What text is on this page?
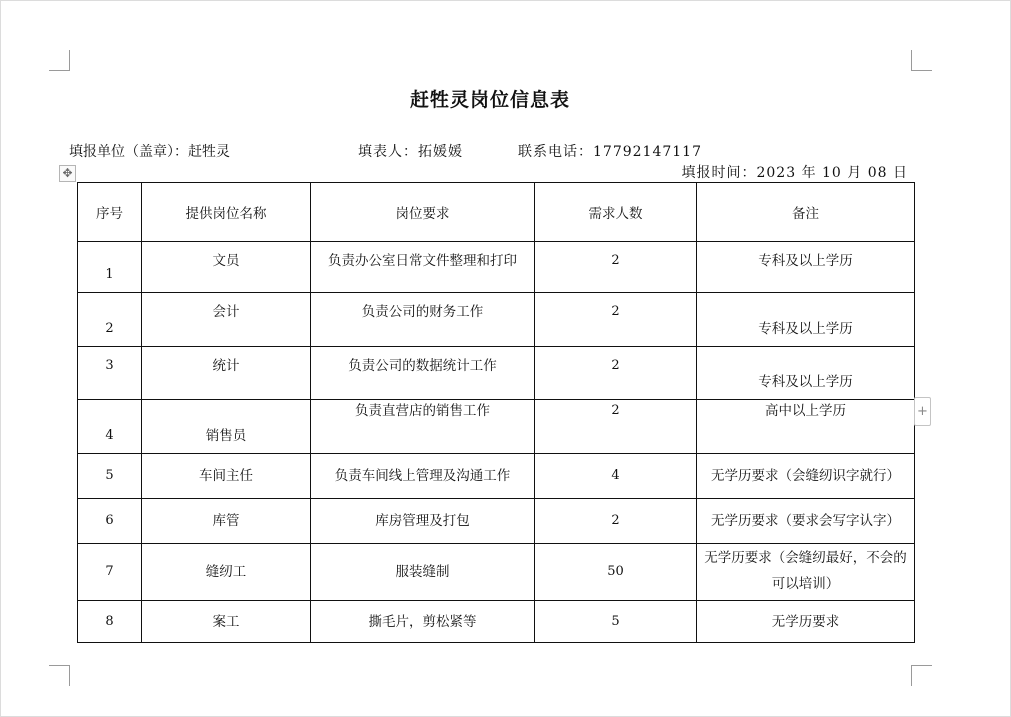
赶牲灵岗位信息表
填报单位（盖章）：赶牲灵	填表人：拓媛媛	联系电话：17792147117
填报时间：2023 年 10 月 08 日
✥
序号	提供岗位名称	岗位要求	需求人数	备注

1	文员	负责办公室日常文件整理和打印	2	专科及以上学历

2	会计	负责公司的财务工作	2	专科及以上学历

3	统计	负责公司的数据统计工作	2	专科及以上学历

4	销售员	负责直营店的销售工作	2	高中以上学历

5	车间主任	负责车间线上管理及沟通工作	4	无学历要求（会缝纫识字就行）

6	库管	库房管理及打包	2	无学历要求（要求会写字认字）

7	缝纫工	服装缝制	50	无学历要求（会缝纫最好，不会的可以培训）

8	案工	撕毛片，剪松紧等	5	无学历要求
+
